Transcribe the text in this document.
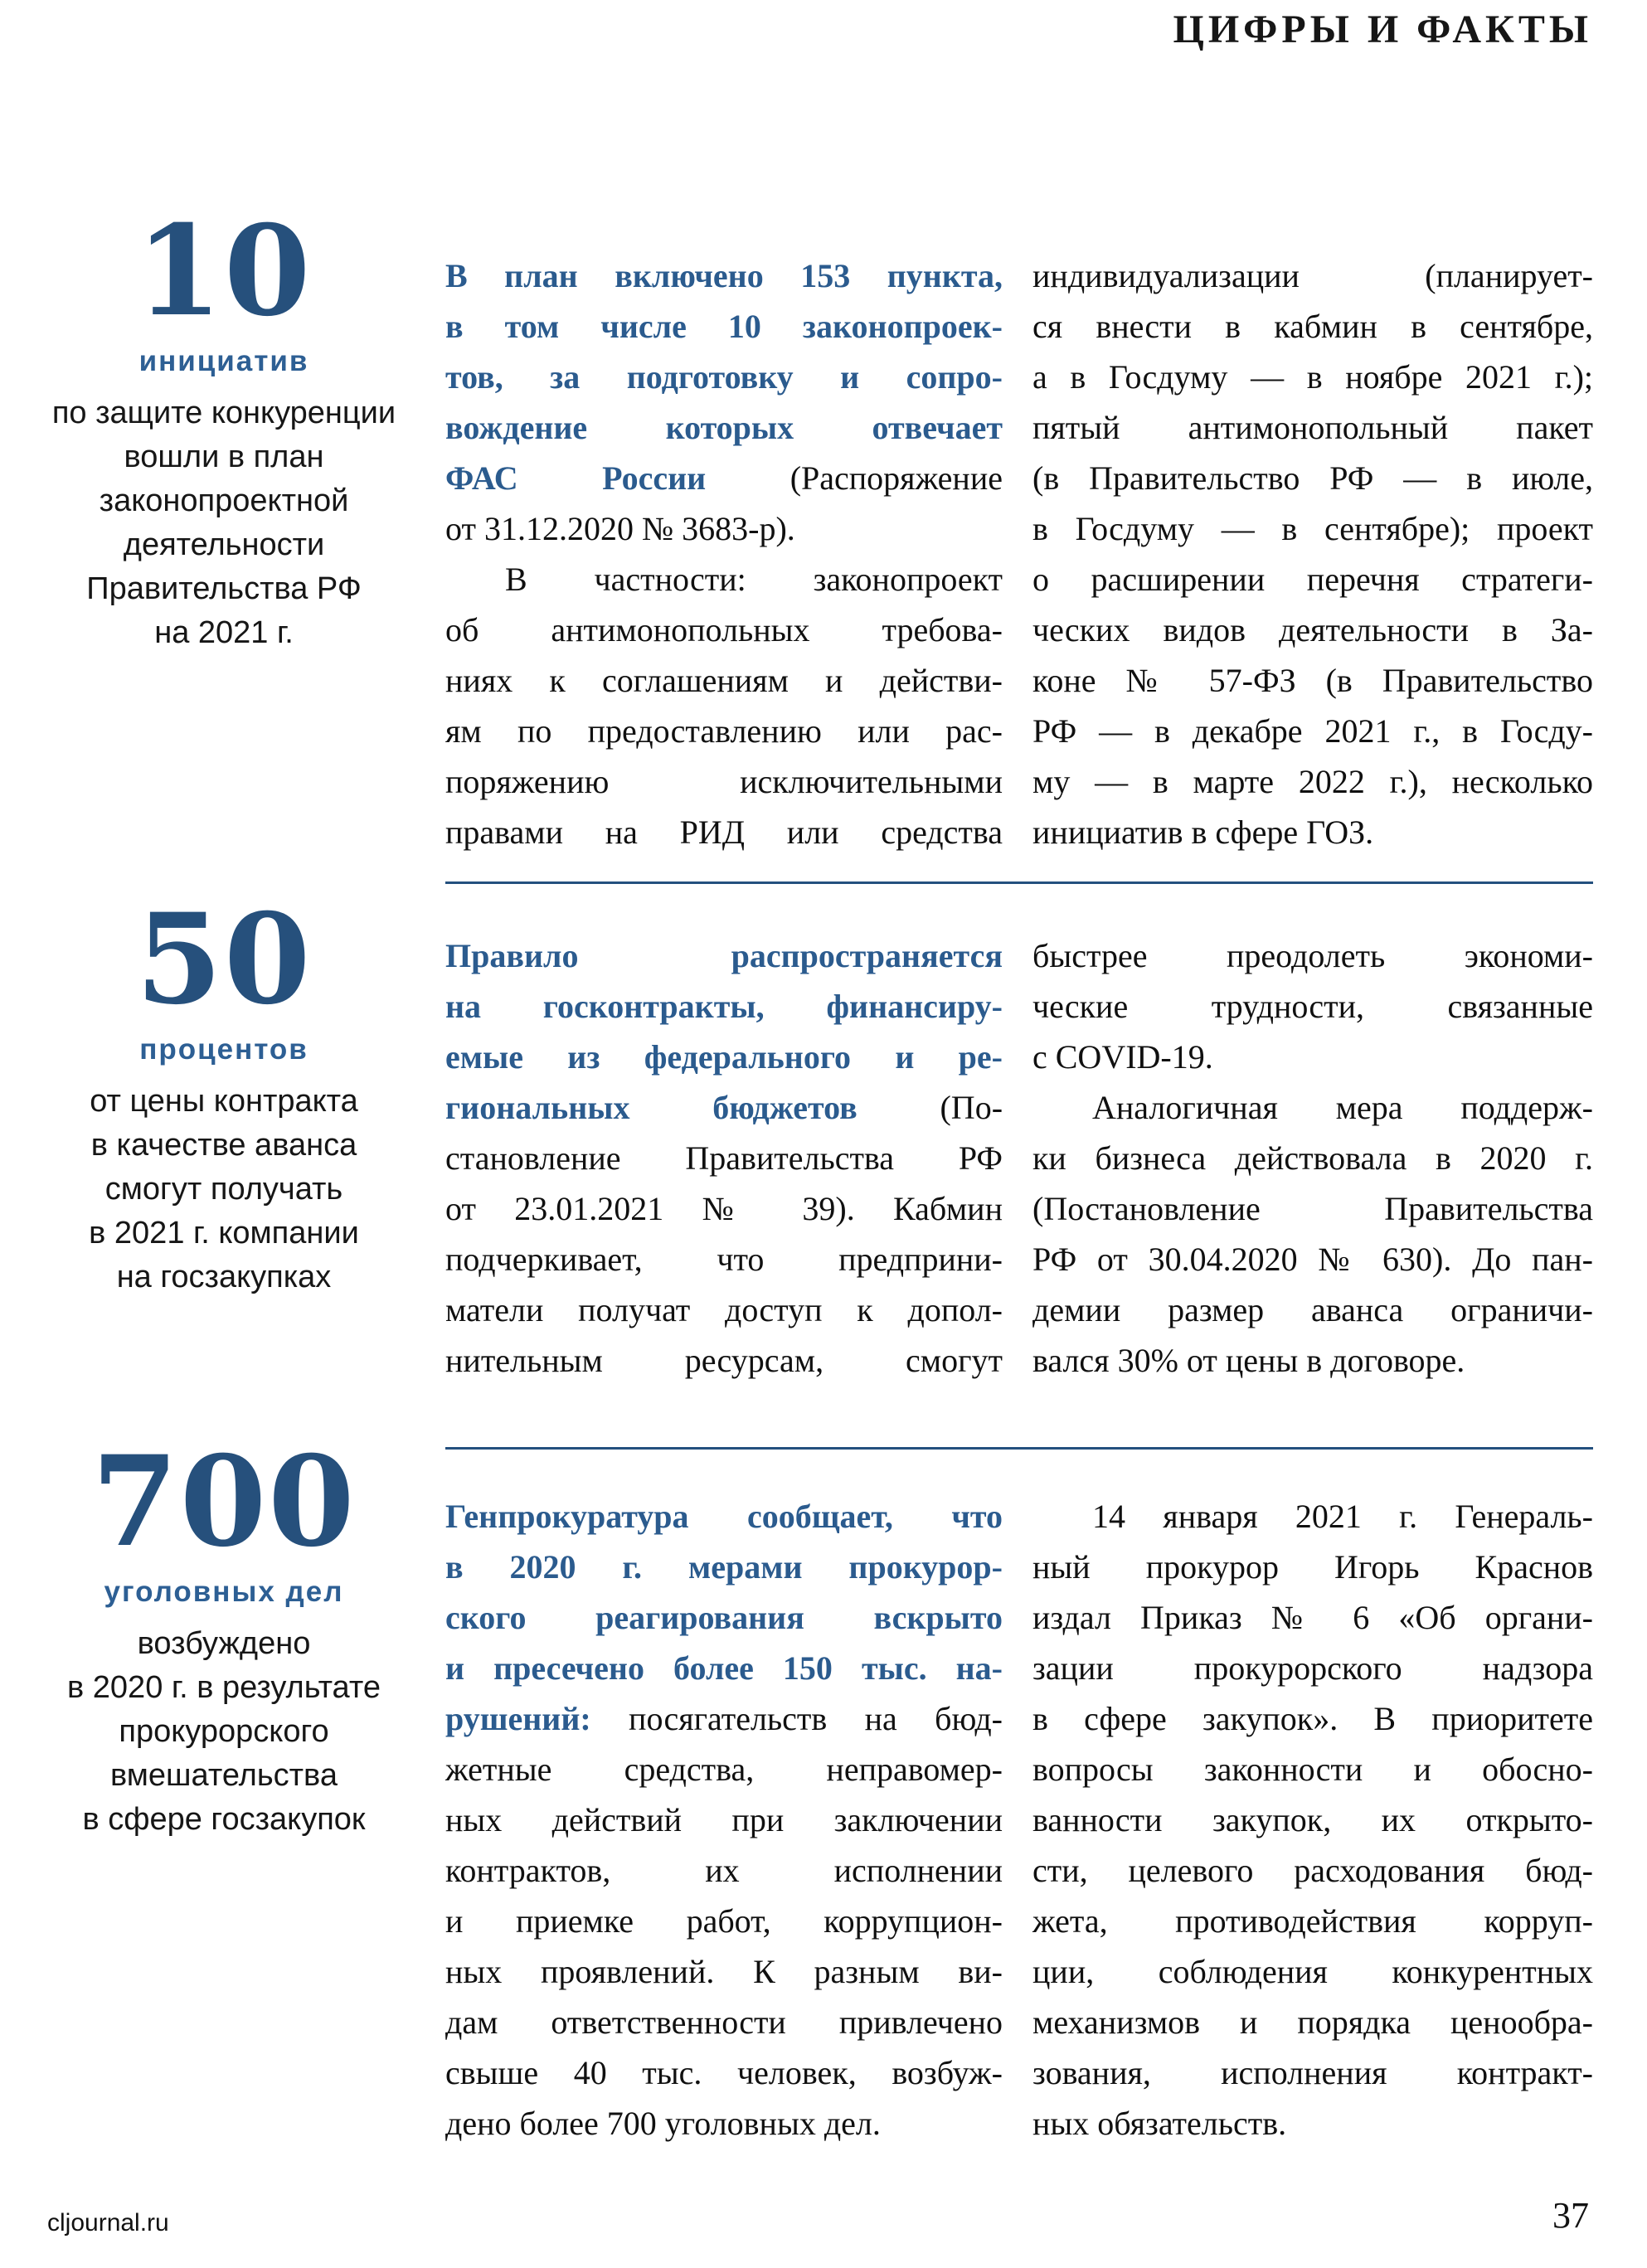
ЦИФРЫ И ФАКТЫ
10
инициатив
по защите конкуренции
вошли в план
законопроектной
деятельности
Правительства РФ
на 2021 г.
В план включено 153 пункта,
в том числе 10 законопроек-
тов, за подготовку и сопро-
вождение которых отвечает
ФАС России	(Распоряжение
от 31.12.2020 № 3683-р).
В частности: законопроект
об антимонопольных требова-
ниях к соглашениям и действи-
ям по предоставлению или рас-
поряжению исключительными
правами на РИД или средства
индивидуализации (планирует-
ся внести в кабмин в сентябре,
а в Госдуму — в ноябре 2021 г.);
пятый антимонопольный пакет
(в Правительство РФ — в июле,
в Госдуму — в сентябре); проект
о расширении перечня стратеги-
ческих видов деятельности в За-
коне № 57-ФЗ (в Правительство
РФ — в декабре 2021 г., в Госду-
му — в марте 2022 г.), несколько
инициатив в сфере ГОЗ.
50
процентов
от цены контракта
в качестве аванса
смогут получать
в 2021 г. компании
на госзакупках
Правило распространяется
на госконтракты, финансиру-
емые из федерального и ре-
гиональных бюджетов (По-
становление Правительства РФ
от 23.01.2021 № 39). Кабмин
подчеркивает, что предприни-
матели получат доступ к допол-
нительным ресурсам, смогут
быстрее преодолеть экономи-
ческие трудности, связанные
с COVID-19.
Аналогичная мера поддерж-
ки бизнеса действовала в 2020 г.
(Постановление Правительства
РФ от 30.04.2020 № 630). До пан-
демии размер аванса ограничи-
вался 30% от цены в договоре.
700
уголовных дел
возбуждено
в 2020 г. в результате
прокурорского
вмешательства
в сфере госзакупок
Генпрокуратура сообщает, что
в 2020 г. мерами прокурор-
ского реагирования вскрыто
и пресечено более 150 тыс. на-
рушений: посягательств на бюд-
жетные средства, неправомер-
ных действий при заключении
контрактов, их исполнении
и приемке работ, коррупцион-
ных проявлений. К разным ви-
дам ответственности привлечено
свыше 40 тыс. человек, возбуж-
дено более 700 уголовных дел.
14 января 2021 г. Генераль-
ный прокурор Игорь Краснов
издал Приказ № 6 «Об органи-
зации прокурорского надзора
в сфере закупок». В приоритете
вопросы законности и обосно-
ванности закупок, их открыто-
сти, целевого расходования бюд-
жета, противодействия корруп-
ции, соблюдения конкурентных
механизмов и порядка ценообра-
зования, исполнения контракт-
ных обязательств.
cljournal.ru	37
